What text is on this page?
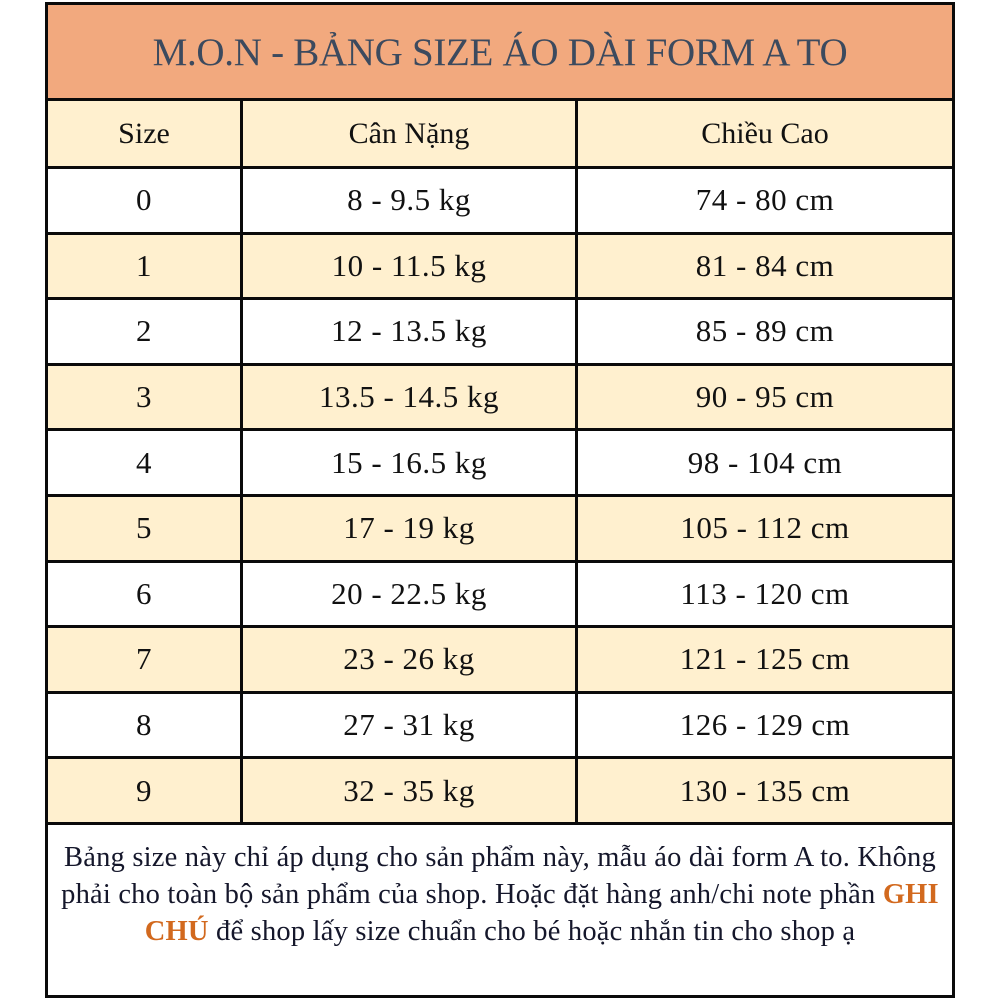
M.O.N - BẢNG SIZE ÁO DÀI FORM A TO
Size	Cân Nặng	Chiều Cao
0	8 - 9.5 kg	74 - 80 cm
1	10 - 11.5 kg	81 - 84 cm
2	12 - 13.5 kg	85 - 89 cm
3	13.5 - 14.5 kg	90 - 95 cm
4	15 - 16.5 kg	98 - 104 cm
5	17 - 19 kg	105 - 112 cm
6	20 - 22.5 kg	113 - 120 cm
7	23 - 26 kg	121 - 125 cm
8	27 - 31 kg	126 - 129 cm
9	32 - 35 kg	130 - 135 cm
Bảng size này chỉ áp dụng cho sản phẩm này, mẫu áo dài form A to. Không phải cho toàn bộ sản phẩm của shop. Hoặc đặt hàng anh/chi note phần GHI CHÚ để shop lấy size chuẩn cho bé hoặc nhắn tin cho shop ạ
